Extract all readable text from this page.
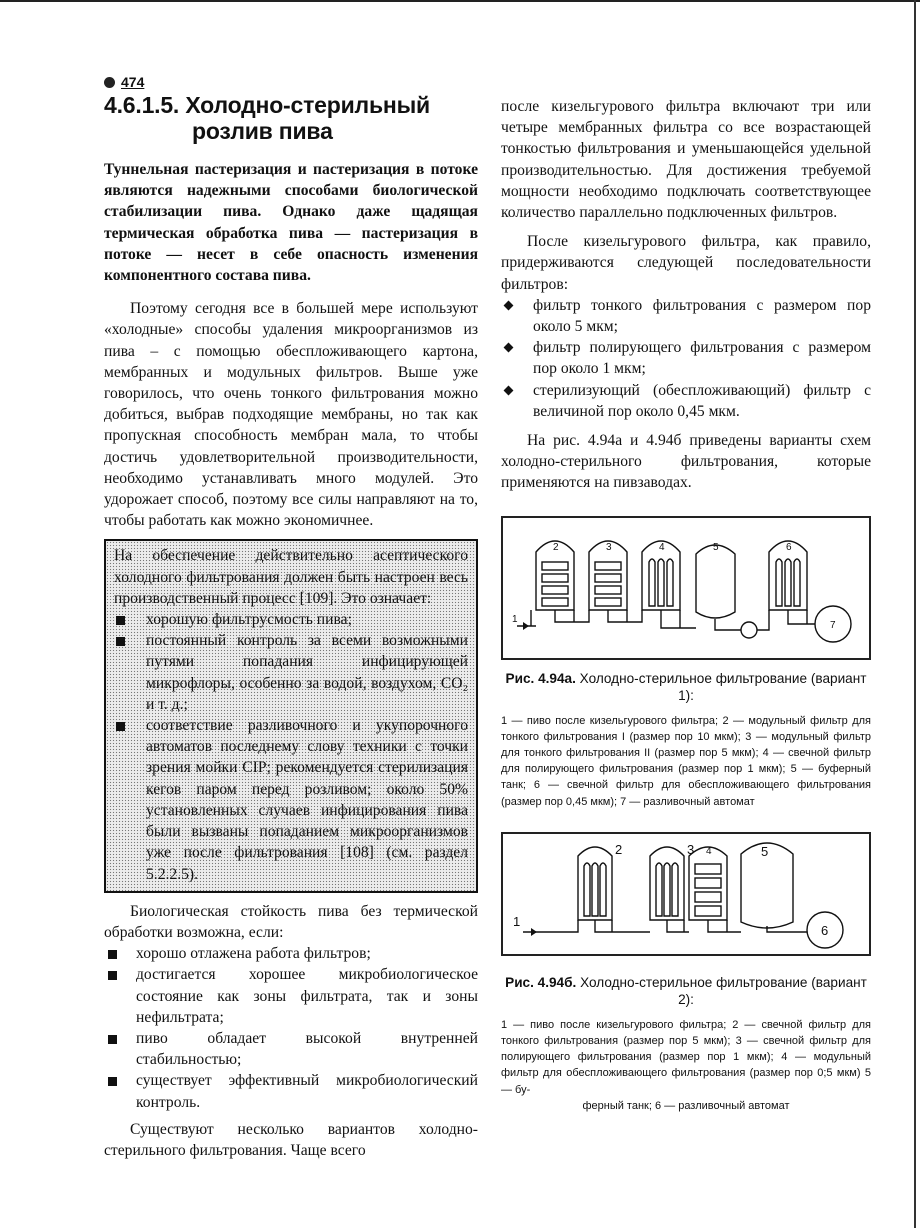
474
4.6.1.5. Холодно-стерильный
розлив пива

Туннельная пастеризация и пастеризация в потоке являются надежными способами биологической стабилизации пива. Однако даже щадящая термическая обработка пива — пастеризация в потоке — несет в себе опасность изменения компонентного состава пива.

Поэтому сегодня все в большей мере используют «холодные» способы удаления микроорганизмов из пива – с помощью обеспложивающего картона, мембранных и модульных фильтров. Выше уже говорилось, что очень тонкого фильтрования можно добиться, выбрав подходящие мембраны, но так как пропускная способность мембран мала, то чтобы достичь удовлетворительной производительности, необходимо устанавливать много модулей. Это удорожает способ, поэтому все силы направляют на то, чтобы работать как можно экономичнее.

На обеспечение действительно асептического холодного фильтрования должен быть настроен весь производственный процесс [109]. Это означает:

хорошую фильтрусмость пива;
постоянный контроль за всеми возможными путями попадания инфицирующей микрофлоры, особенно за водой, воздухом, CO₂ и т. д.;
соответствие разливочного и укупорочного автоматов последнему слову техники с точки зрения мойки CIP; рекомендуется стерилизация кегов паром перед розливом; около 50% установленных случаев инфицирования пива были вызваны попаданием микроорганизмов уже после фильтрования [108] (см. раздел 5.2.2.5).

Биологическая стойкость пива без термической обработки возможна, если:

хорошо отлажена работа фильтров;
достигается хорошее микробиологическое состояние как зоны фильтрата, так и зоны нефильтрата;
пиво обладает высокой внутренней стабильностью;
существует эффективный микробиологический контроль.

Существуют несколько вариантов холодно-стерильного фильтрования. Чаще всего

после кизельгурового фильтра включают три или четыре мембранных фильтра со все возрастающей тонкостью фильтрования и уменьшающейся удельной производительностью. Для достижения требуемой мощности необходимо подключать соответствующее количество параллельно подключенных фильтров.

После кизельгурового фильтра, как правило, придерживаются следующей последовательности фильтров:

фильтр тонкого фильтрования с размером пор около 5 мкм;
фильтр полирующего фильтрования с размером пор около 1 мкм;
стерилизующий (обеспложивающий) фильтр с величиной пор около 0,45 мкм.

На рис. 4.94а и 4.94б приведены варианты схем холодно-стерильного фильтрования, которые применяются на пивзаводах.

1
2	3	4	5	6
7
Рис. 4.94а. Холодно-стерильное фильтрование (вариант 1):
1 — пиво после кизельгурового фильтра; 2 — модульный фильтр для тонкого фильтрования I (размер пор 10 мкм); 3 — модульный фильтр для тонкого фильтрования II (размер пор 5 мкм); 4 — свечной фильтр для полирующего фильтрования (размер пор 1 мкм); 5 — буферный танк; 6 — свечной фильтр для обеспложивающего фильтрования (размер пор 0,45 мкм); 7 — разливочный автомат
1
2	3 4	5
6
Рис. 4.94б. Холодно-стерильное фильтрование (вариант 2):
1 — пиво после кизельгурового фильтра; 2 — свечной фильтр для тонкого фильтрования (размер пор 5 мкм); 3 — свечной фильтр для полирующего фильтрования (размер пор 1 мкм); 4 — модульный фильтр для обеспложивающего фильтрования (размер пор 0;5 мкм) 5 — бу-
ферный танк; 6 — разливочный автомат
